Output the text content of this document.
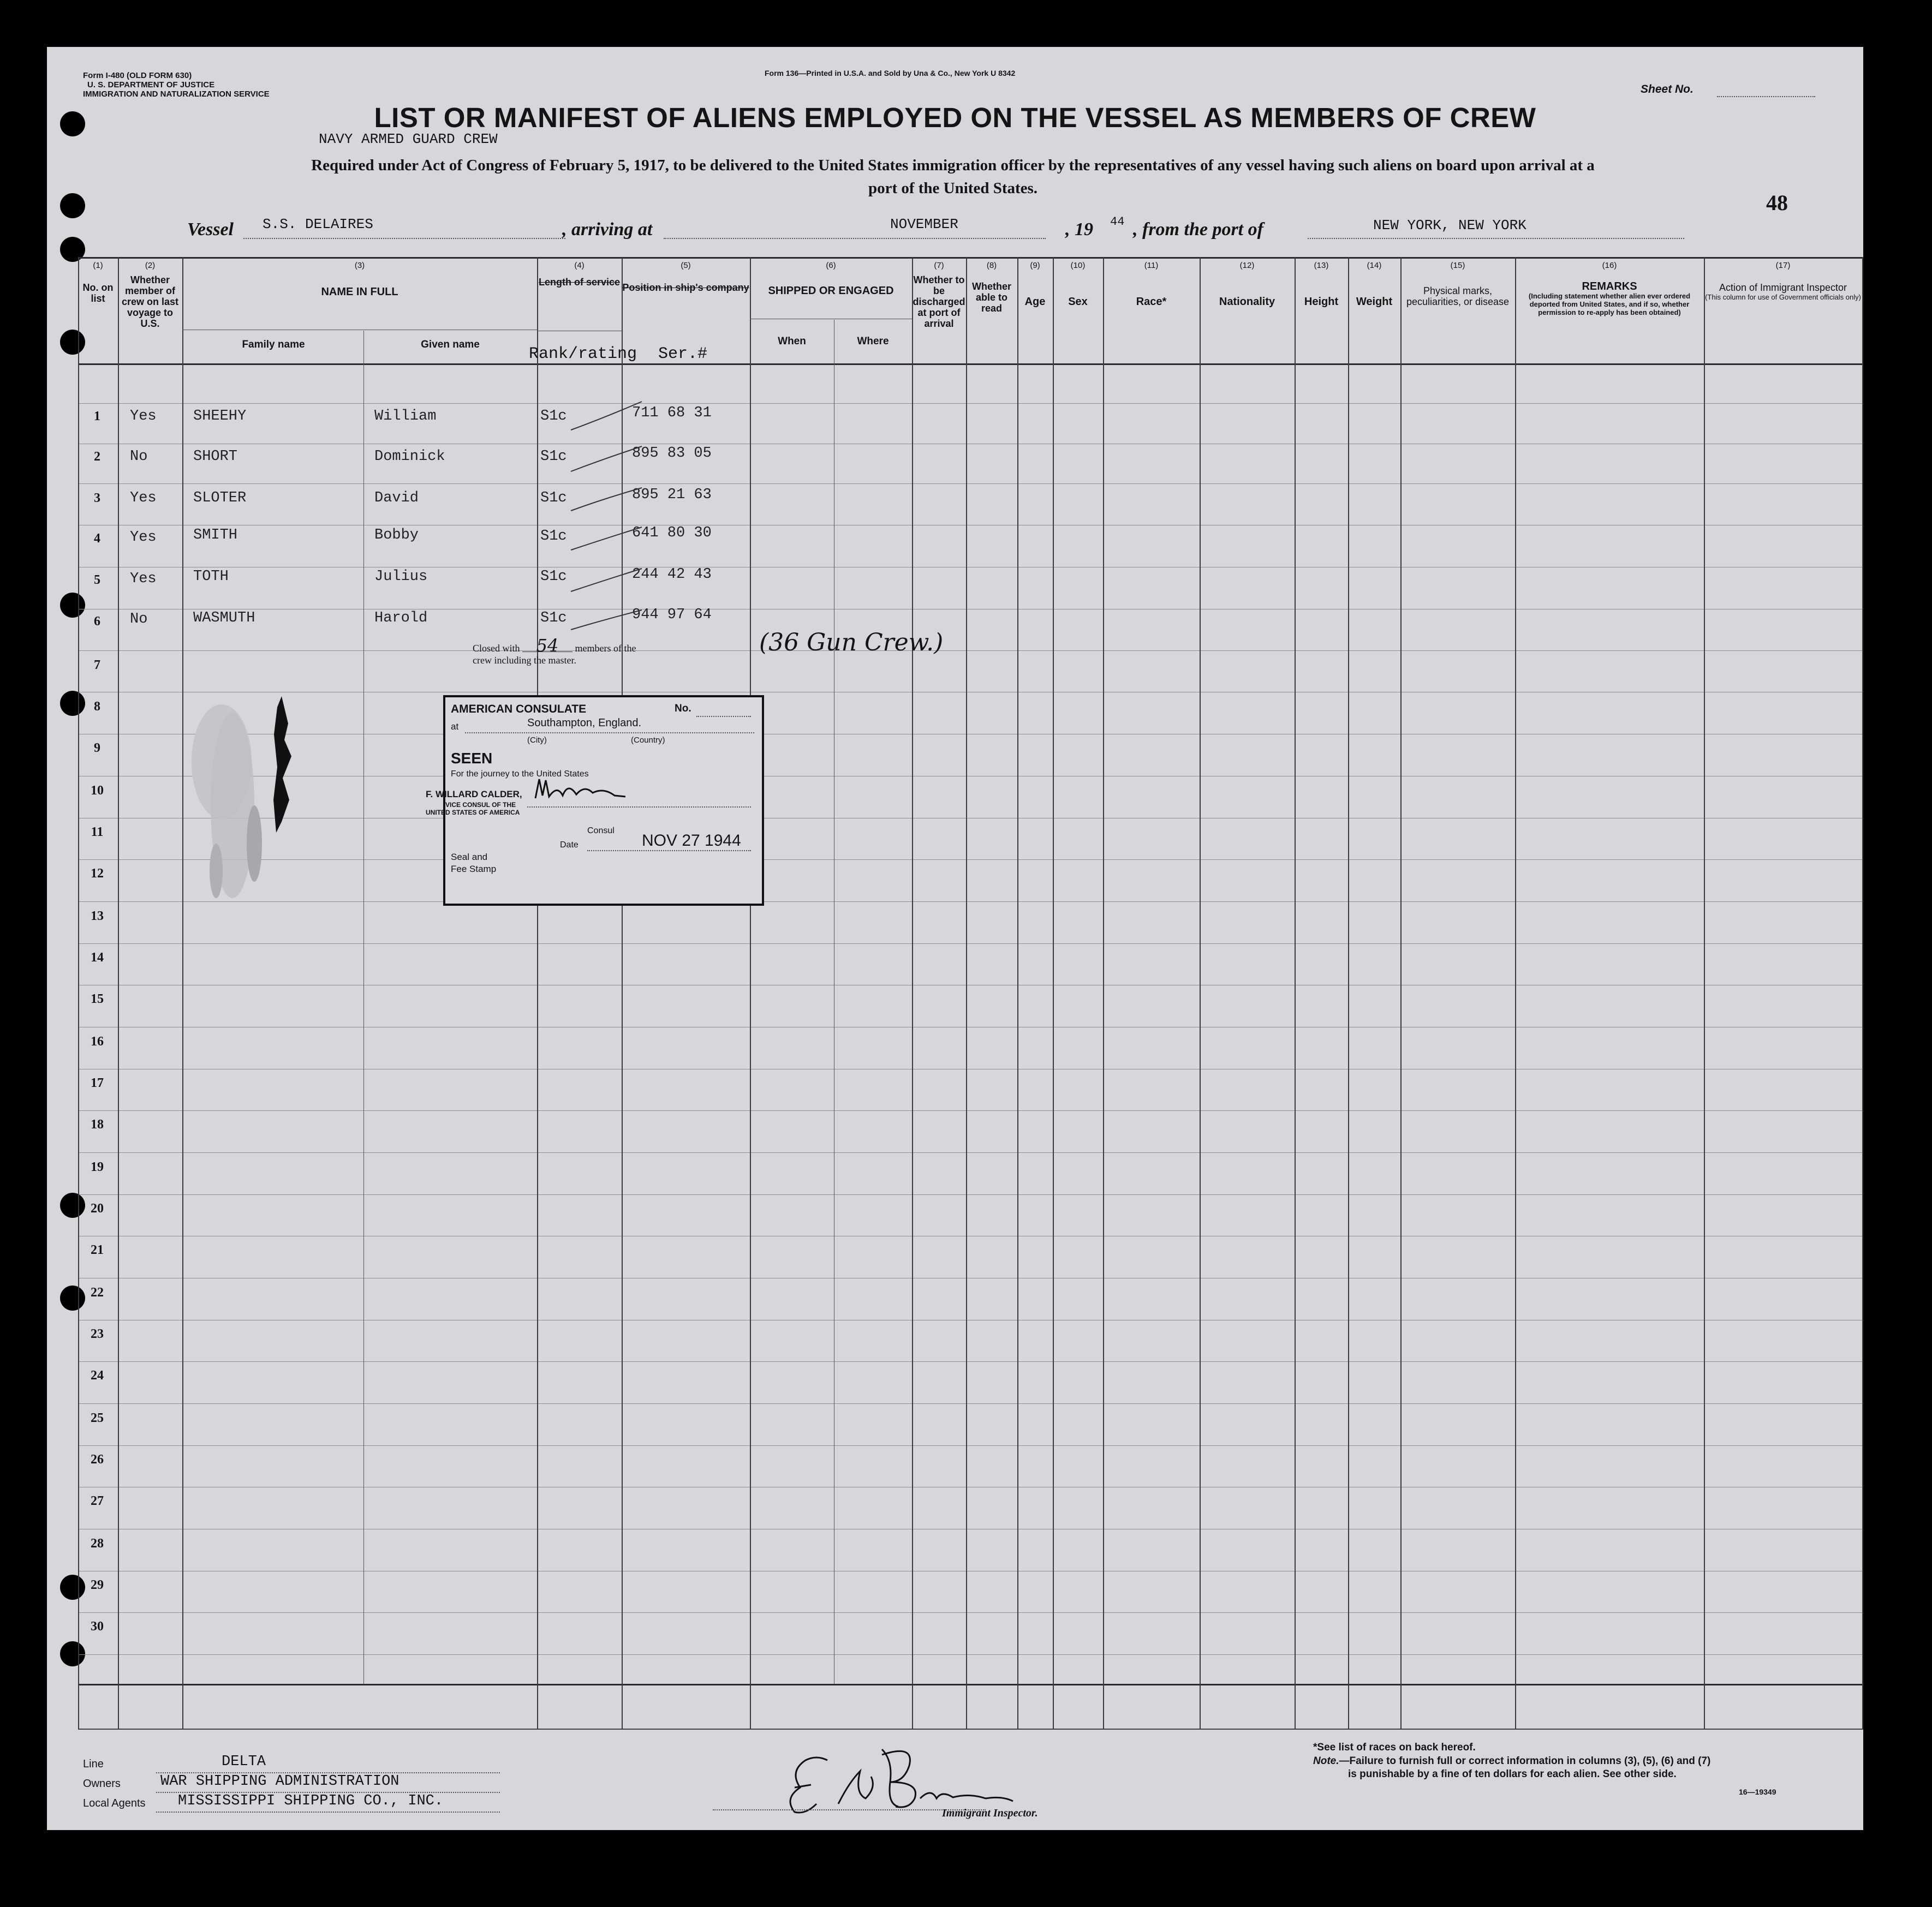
Form I-480 (OLD FORM 630)
U. S. DEPARTMENT OF JUSTICE
IMMIGRATION AND NATURALIZATION SERVICE
Form 136—Printed in U.S.A. and Sold by Una & Co., New York U 8342
Sheet No.
48
LIST OR MANIFEST OF ALIENS EMPLOYED ON THE VESSEL AS MEMBERS OF CREW
NAVY ARMED GUARD CREW
Required under Act of Congress of February 5, 1917, to be delivered to the United States immigration officer by the representatives of any vessel having such aliens on board upon arrival at a
port of the United States.
Vessel S.S. DELAIRES	, arriving at	NOVEMBER	, 19 44 , from the port of	NEW YORK, NEW YORK
(1)
No. on list
(2)
Whether member of crew on last voyage to U.S.
(3)
NAME IN FULL
Family name	Given name
(4)
Length of service
(5)
Position in ship's company
Rank/rating Ser.#
(6)
SHIPPED OR ENGAGED
When	Where
(7)
Whether to be discharged at port of arrival
(8)
Whether able to read
(9)
Age
(10)
Sex
(11)
Race*
(12)
Nationality
(13)
Height
(14)
Weight
(15)
Physical marks, peculiarities, or disease
(16)
REMARKS
(Including statement whether alien ever ordered deported from United States, and if so, whether permission to re-apply has been obtained)
(17)
Action of Immigrant Inspector
(This column for use of Government officials only)
1	Yes SHEEHY	William	S1c	711 68 31
2	No	SHORT	Dominick	S1c	895 83 05
3	Yes SLOTER	David	S1c	895 21 63
4	Yes SMITH	Bobby	S1c	641 80 30
5	Yes TOTH	Julius	S1c	244 42 43
6	No	WASMUTH	Harold	S1c	944 97 64
7
8
9
10
11
12
13
14
15
16
17
18
19
20
21
22
23
24
25
26
27
28
29
30
Closed with 54 members of the
crew including the master.
(36 Gun Crew.)
AMERICAN CONSULATE	No.
at	Southampton, England.
(City)	(Country)
SEEN
For the journey to the United States
F. WILLARD CALDER,
VICE CONSUL OF THE
UNITED STATES OF AMERICA
Consul
Date	NOV 27 1944
Seal and
Fee Stamp
Line	DELTA
Owners	WAR SHIPPING ADMINISTRATION
Local Agents MISSISSIPPI SHIPPING CO., INC.
Immigrant Inspector.
*See list of races on back hereof.
Note.—Failure to furnish full or correct information in columns (3), (5), (6) and (7)
is punishable by a fine of ten dollars for each alien. See other side.
16—19349
